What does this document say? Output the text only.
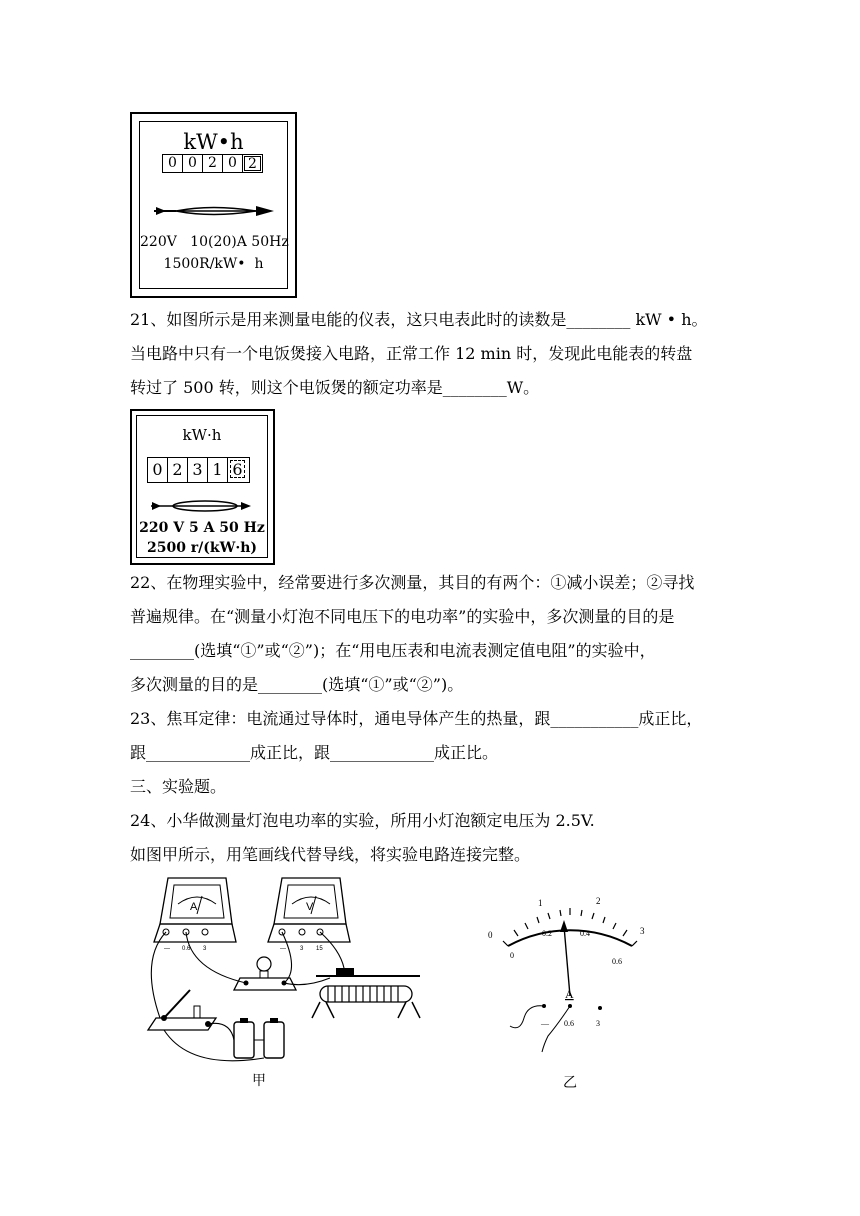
kW•h
0 0 2 0 2
220V   10(20)A 50Hz
1500R/kW•  h
kW·h
0 2 3 1 6
220 V 5 A 50 Hz
2500 r/(kW·h)

21、如图所示是用来测量电能的仪表，这只电表此时的读数是________ kW • h。

当电路中只有一个电饭煲接入电路，正常工作 12 min 时，发现此电能表的转盘

转过了 500 转，则这个电饭煲的额定功率是________W。

22、在物理实验中，经常要进行多次测量，其目的有两个：①减小误差；②寻找

普遍规律。在“测量小灯泡不同电压下的电功率”的实验中，多次测量的目的是

________(选填“①”或“②”)；在“用电压表和电流表测定值电阻”的实验中，

多次测量的目的是________(选填“①”或“②”)。

23、焦耳定律：电流通过导体时，通电导体产生的热量，跟___________成正比，

跟_____________成正比，跟_____________成正比。

三、实验题。

24、小华做测量灯泡电功率的实验，所用小灯泡额定电压为 2.5V.

如图甲所示，用笔画线代替导线，将实验电路连接完整。

A
— 0.6 3
V
— 3 15
甲
0
1	2
3
0
0.2	0.4
0.6
A
— 0.6	3
乙
